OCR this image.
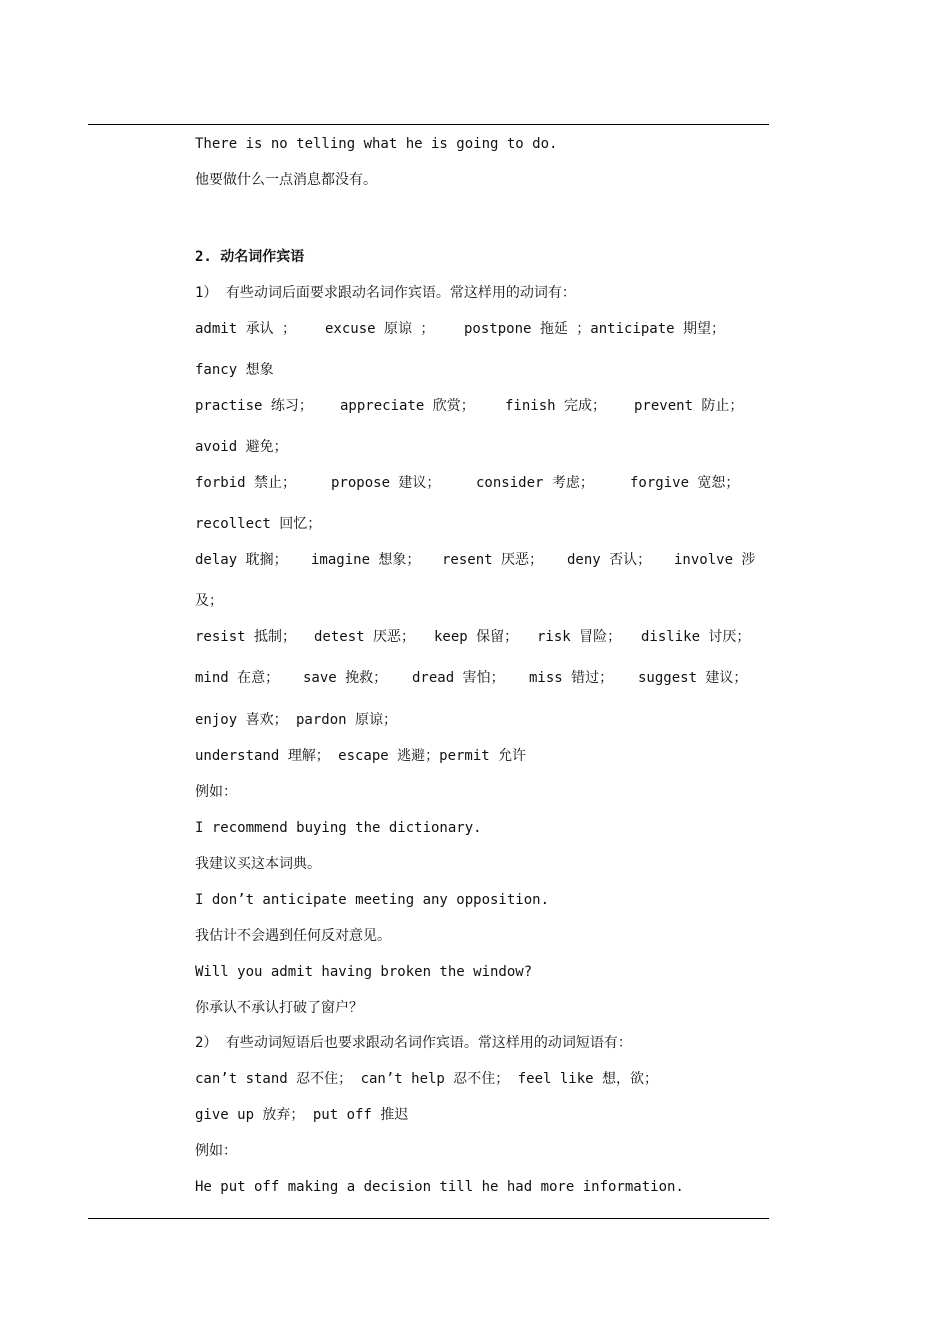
There is no telling what he is going to do.
他要做什么一点消息都没有。
2. 动名词作宾语
1） 有些动词后面要求跟动名词作宾语。常这样用的动词有：
admit 承认 ； excuse 原谅 ； postpone 拖延 ；anticipate 期望；
fancy 想象
practise 练习； appreciate 欣赏； finish 完成； prevent 防止；
avoid 避免；
forbid 禁止； propose 建议；	consider 考虑；	forgive 宽恕；
recollect 回忆；
delay 耽搁； imagine 想象； resent 厌恶； deny 否认； involve 涉
及；
resist 抵制； detest 厌恶； keep 保留； risk 冒险； dislike 讨厌；
mind 在意； save 挽救； dread 害怕； miss 错过； suggest 建议；
enjoy 喜欢； pardon 原谅；
understand 理解； escape 逃避；permit 允许
例如：
I recommend buying the dictionary.
我建议买这本词典。
I don’t anticipate meeting any opposition.
我估计不会遇到任何反对意见。
Will you admit having broken the window?
你承认不承认打破了窗户？
2） 有些动词短语后也要求跟动名词作宾语。常这样用的动词短语有：
can’t stand 忍不住； can’t help 忍不住； feel like 想，欲；
give up 放弃； put off 推迟
例如：
He put off making a decision till he had more information.
